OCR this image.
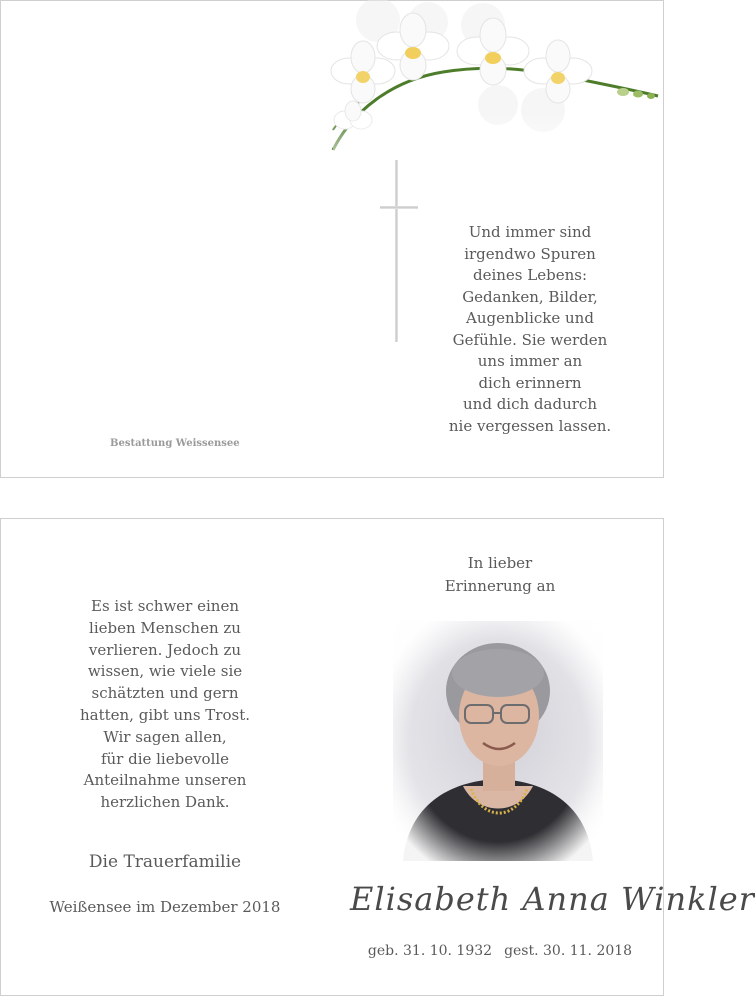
Und immer sind
irgendwo Spuren
deines Lebens:
Gedanken, Bilder,
Augenblicke und
Gefühle. Sie werden
uns immer an
dich erinnern
und dich dadurch
nie vergessen lassen.
Bestattung Weissensee
In lieber
Erinnerung an
Es ist schwer einen
lieben Menschen zu
verlieren. Jedoch zu
wissen, wie viele sie
schätzten und gern
hatten, gibt uns Trost.
Wir sagen allen,
für die liebevolle
Anteilnahme unseren
herzlichen Dank.
Die Trauerfamilie
Weißensee im Dezember 2018 Elisabeth Anna Winkler
geb. 31. 10. 1932 gest. 30. 11. 2018
